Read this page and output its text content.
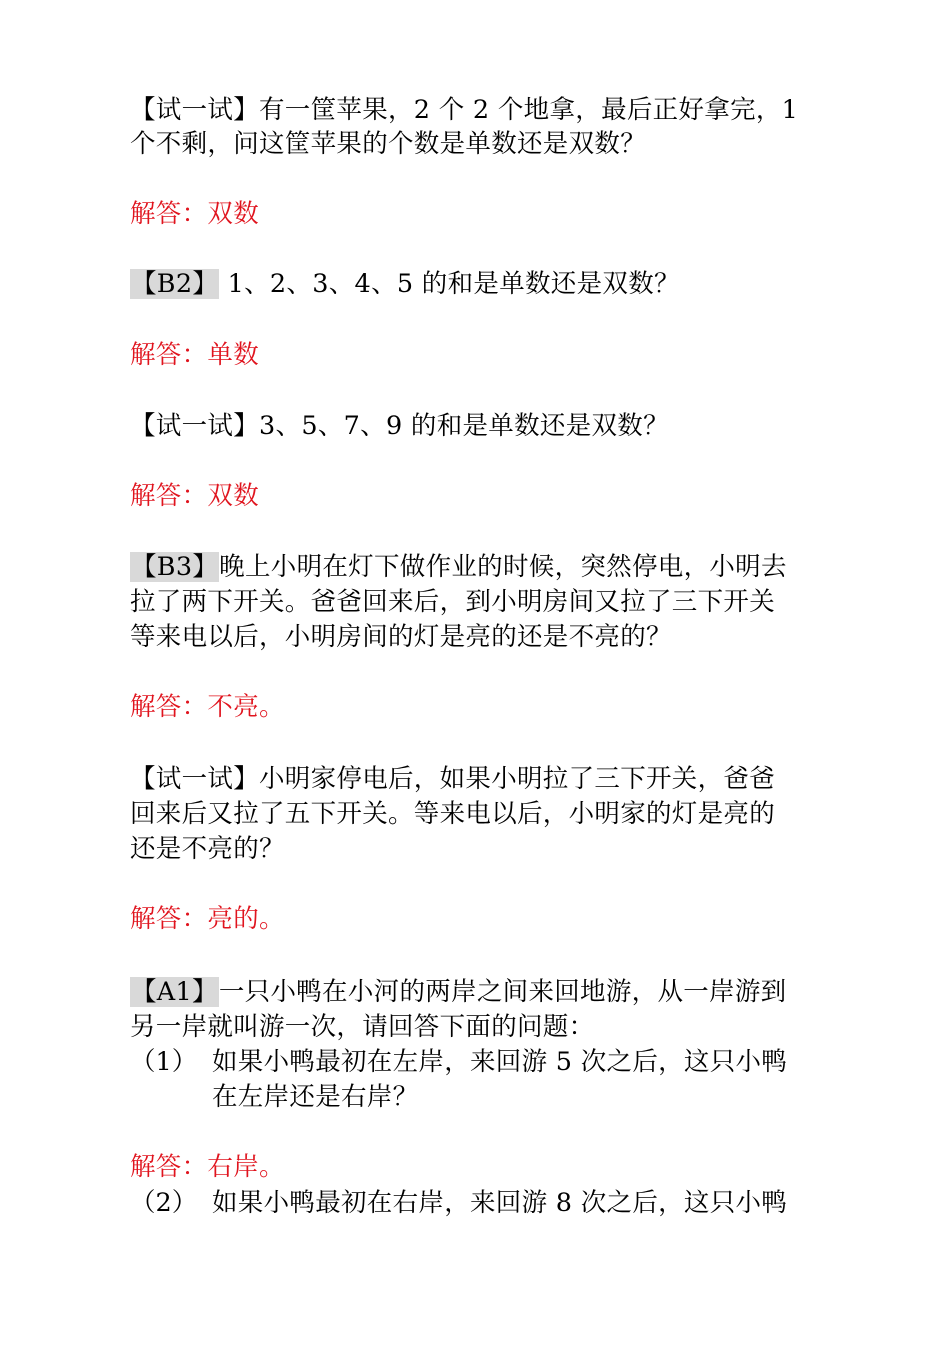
【试一试】有一筐苹果，2 个 2 个地拿，最后正好拿完，1

个不剩，问这筐苹果的个数是单数还是双数？

解答：双数

【B2】 1、2、3、4、5 的和是单数还是双数？

解答：单数

【试一试】3、5、7、9 的和是单数还是双数？

解答：双数

【B3】晚上小明在灯下做作业的时候，突然停电，小明去

拉了两下开关。爸爸回来后，到小明房间又拉了三下开关

等来电以后，小明房间的灯是亮的还是不亮的？

解答：不亮。

【试一试】小明家停电后，如果小明拉了三下开关，爸爸

回来后又拉了五下开关。等来电以后，小明家的灯是亮的

还是不亮的？

解答：亮的。

【A1】一只小鸭在小河的两岸之间来回地游，从一岸游到

另一岸就叫游一次，请回答下面的问题：

（1） 如果小鸭最初在左岸，来回游 5 次之后，这只小鸭

在左岸还是右岸？

解答：右岸。

（2） 如果小鸭最初在右岸，来回游 8 次之后，这只小鸭
